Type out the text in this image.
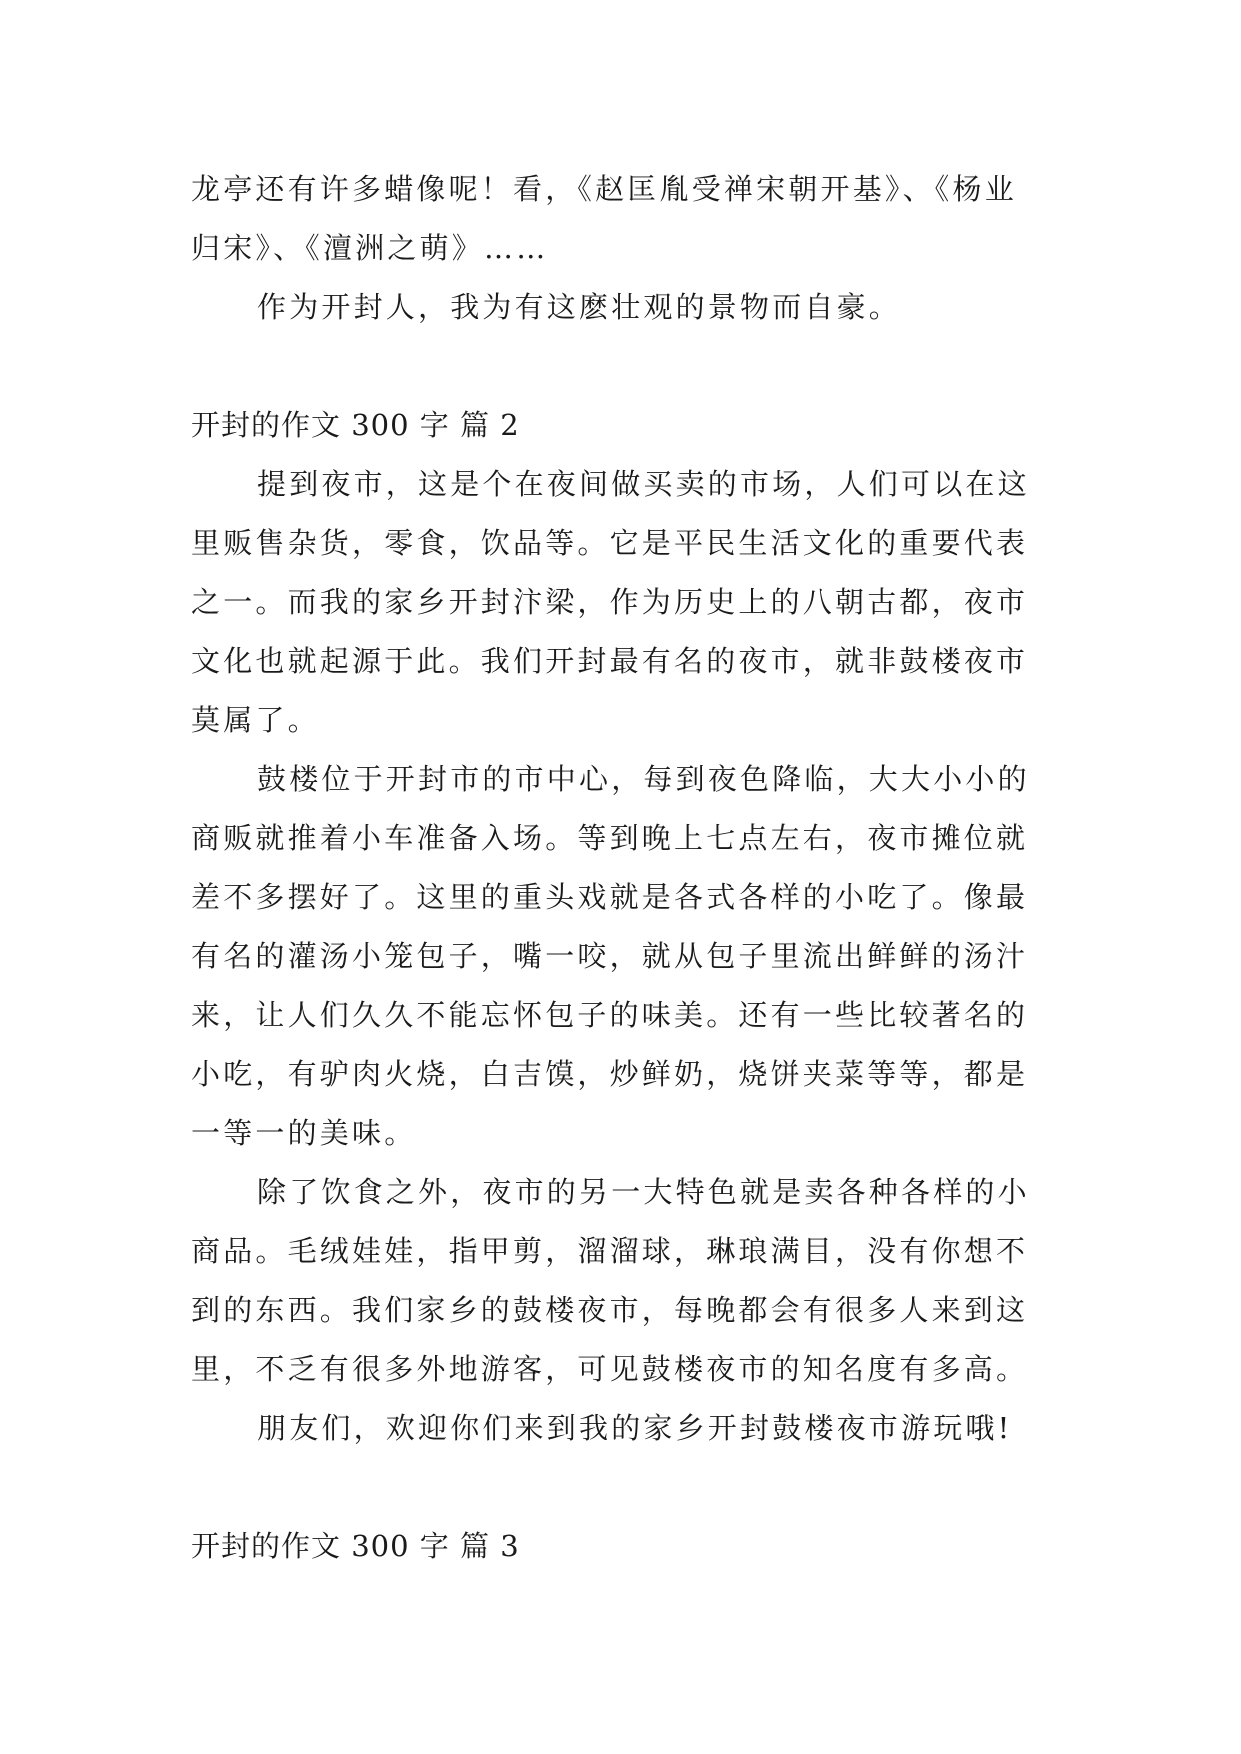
龙亭还有许多蜡像呢！看，《赵匡胤受禅宋朝开基》、《杨业
归宋》、《澶洲之萌》……
作为开封人，我为有这麽壮观的景物而自豪。
开封的作文 300 字 篇 2
提到夜市，这是个在夜间做买卖的市场，人们可以在这
里贩售杂货，零食，饮品等。它是平民生活文化的重要代表
之一。而我的家乡开封汴梁，作为历史上的八朝古都，夜市
文化也就起源于此。我们开封最有名的夜市，就非鼓楼夜市
莫属了。
鼓楼位于开封市的市中心，每到夜色降临，大大小小的
商贩就推着小车准备入场。等到晚上七点左右，夜市摊位就
差不多摆好了。这里的重头戏就是各式各样的小吃了。像最
有名的灌汤小笼包子，嘴一咬，就从包子里流出鲜鲜的汤汁
来，让人们久久不能忘怀包子的味美。还有一些比较著名的
小吃，有驴肉火烧，白吉馍，炒鲜奶，烧饼夹菜等等，都是
一等一的美味。
除了饮食之外，夜市的另一大特色就是卖各种各样的小
商品。毛绒娃娃，指甲剪，溜溜球，琳琅满目，没有你想不
到的东西。我们家乡的鼓楼夜市，每晚都会有很多人来到这
里，不乏有很多外地游客，可见鼓楼夜市的知名度有多高。
朋友们，欢迎你们来到我的家乡开封鼓楼夜市游玩哦!
开封的作文 300 字 篇 3
